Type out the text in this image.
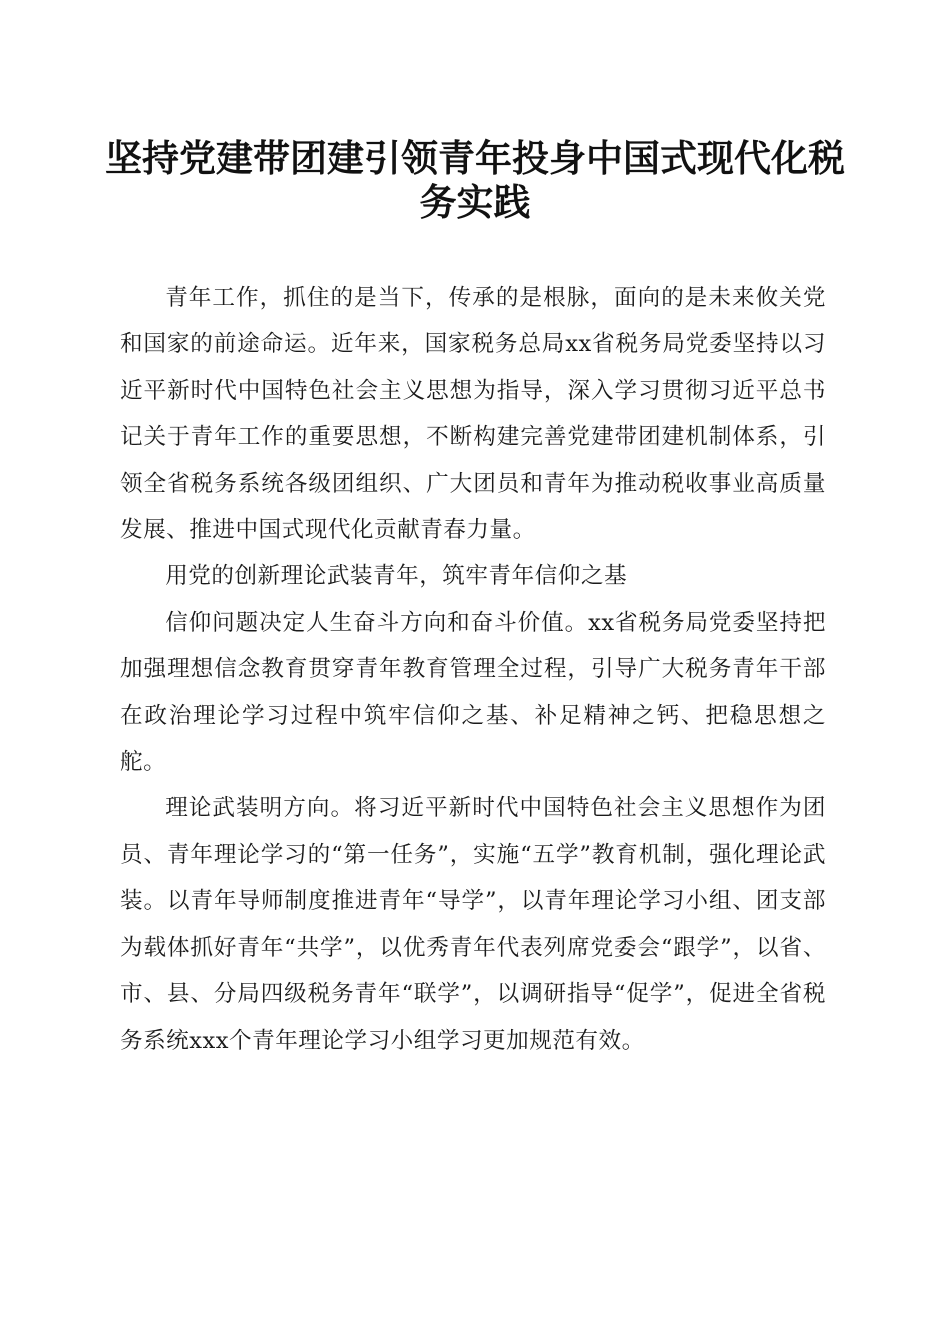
坚持党建带团建引领青年投身中国式现代化税务实践

青年工作，抓住的是当下，传承的是根脉，面向的是未来攸关党和国家的前途命运。近年来，国家税务总局xx省税务局党委坚持以习近平新时代中国特色社会主义思想为指导，深入学习贯彻习近平总书记关于青年工作的重要思想，不断构建完善党建带团建机制体系，引领全省税务系统各级团组织、广大团员和青年为推动税收事业高质量发展、推进中国式现代化贡献青春力量。

用党的创新理论武装青年，筑牢青年信仰之基

信仰问题决定人生奋斗方向和奋斗价值。xx省税务局党委坚持把加强理想信念教育贯穿青年教育管理全过程，引导广大税务青年干部在政治理论学习过程中筑牢信仰之基、补足精神之钙、把稳思想之舵。

理论武装明方向。将习近平新时代中国特色社会主义思想作为团员、青年理论学习的“第一任务”，实施“五学”教育机制，强化理论武装。以青年导师制度推进青年“导学”，以青年理论学习小组、团支部为载体抓好青年“共学”，以优秀青年代表列席党委会“跟学”，以省、市、县、分局四级税务青年“联学”，以调研指导“促学”，促进全省税务系统xxx个青年理论学习小组学习更加规范有效。
